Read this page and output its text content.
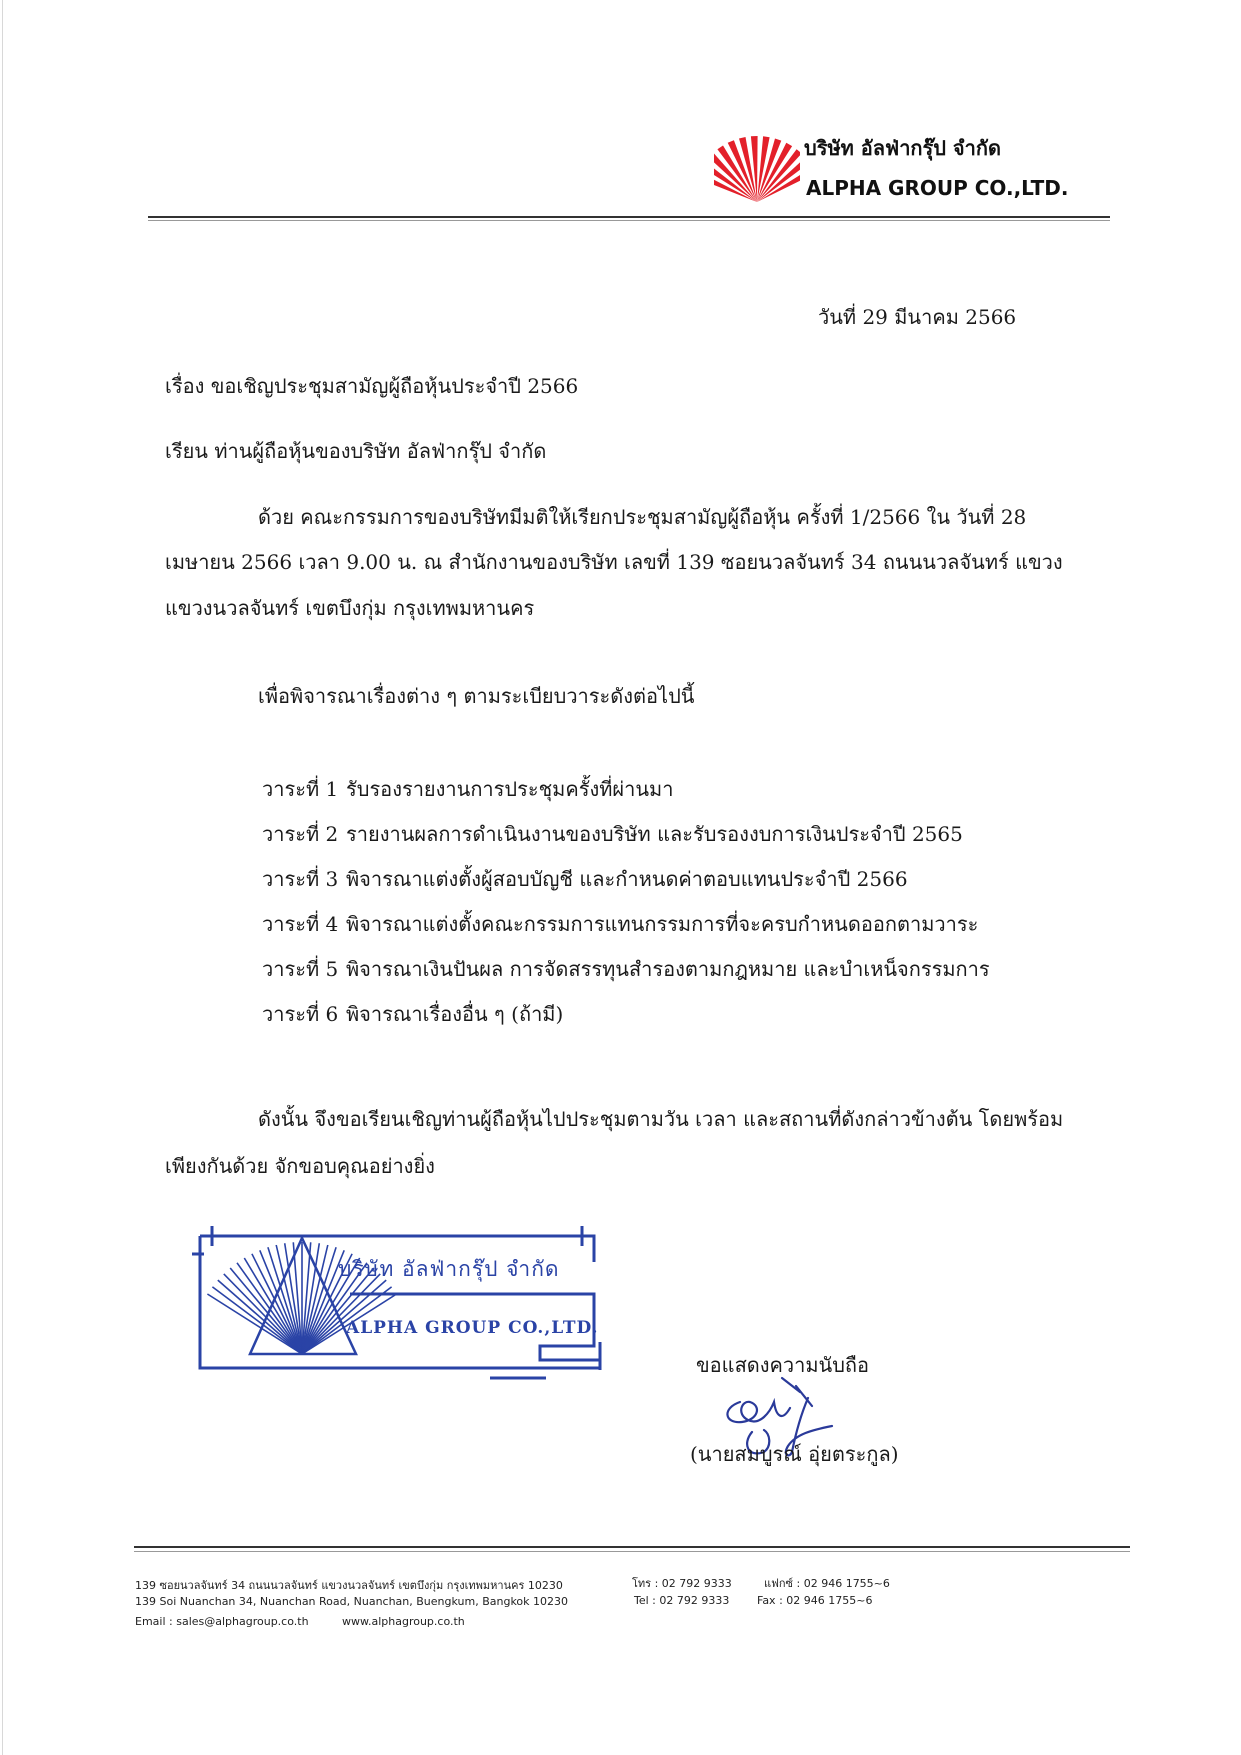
บริษัท อัลฟ่ากรุ๊ป จำกัด
ALPHA GROUP CO.,LTD.
วันที่ 29 มีนาคม 2566
เรื่อง ขอเชิญประชุมสามัญผู้ถือหุ้นประจำปี 2566
เรียน ท่านผู้ถือหุ้นของบริษัท อัลฟ่ากรุ๊ป จำกัด
ด้วย คณะกรรมการของบริษัทมีมติให้เรียกประชุมสามัญผู้ถือหุ้น ครั้งที่ 1/2566 ใน วันที่ 28
เมษายน 2566 เวลา 9.00 น. ณ สำนักงานของบริษัท เลขที่ 139 ซอยนวลจันทร์ 34 ถนนนวลจันทร์ แขวง
แขวงนวลจันทร์ เขตบึงกุ่ม กรุงเทพมหานคร
เพื่อพิจารณาเรื่องต่าง ๆ ตามระเบียบวาระดังต่อไปนี้
วาระที่ 1 รับรองรายงานการประชุมครั้งที่ผ่านมา
วาระที่ 2 รายงานผลการดำเนินงานของบริษัท และรับรองงบการเงินประจำปี 2565
วาระที่ 3 พิจารณาแต่งตั้งผู้สอบบัญชี และกำหนดค่าตอบแทนประจำปี 2566
วาระที่ 4 พิจารณาแต่งตั้งคณะกรรมการแทนกรรมการที่จะครบกำหนดออกตามวาระ
วาระที่ 5 พิจารณาเงินปันผล การจัดสรรทุนสำรองตามกฎหมาย และบำเหน็จกรรมการ
วาระที่ 6 พิจารณาเรื่องอื่น ๆ (ถ้ามี)
ดังนั้น จึงขอเรียนเชิญท่านผู้ถือหุ้นไปประชุมตามวัน เวลา และสถานที่ดังกล่าวข้างต้น โดยพร้อม
เพียงกันด้วย จักขอบคุณอย่างยิ่ง
บริษัท อัลฟ่ากรุ๊ป จำกัด
ALPHA GROUP CO.,LTD.
ขอแสดงความนับถือ
(นายสมบูรณ์ อุ่ยตระกูล)
139 ซอยนวลจันทร์ 34 ถนนนวลจันทร์ แขวงนวลจันทร์ เขตบึงกุ่ม กรุงเทพมหานคร 10230	โทร : 02 792 9333	แฟกซ์ : 02 946 1755~6
139 Soi Nuanchan 34, Nuanchan Road, Nuanchan, Buengkum, Bangkok 10230	Tel : 02 792 9333	Fax : 02 946 1755~6
Email : sales@alphagroup.co.th	www.alphagroup.co.th
